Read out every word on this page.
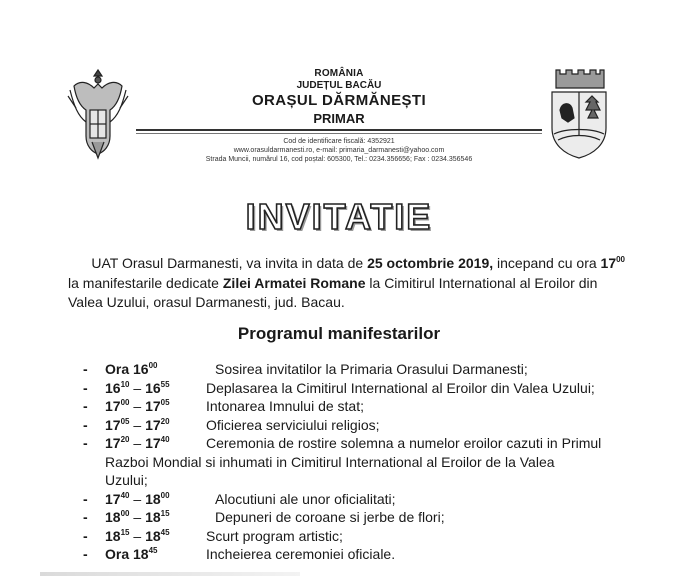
ROMÂNIA
JUDEȚUL BACĂU
ORAȘUL DĂRMĂNEȘTI
PRIMAR
Cod de identificare fiscală: 4352921
www.orasuldarmanesti.ro, e-mail: primaria_darmanesti@yahoo.com
Strada Muncii, numărul 16, cod poștal: 605300, Tel.: 0234.356656; Fax : 0234.356546
INVITATIE
UAT Orasul Darmanesti, va invita in data de 25 octombrie 2019, incepand cu ora $17^{00}$ la manifestarile dedicate Zilei Armatei Romane la Cimitirul International al Eroilor din Valea Uzului, orasul Darmanesti, jud. Bacau.
Programul manifestarilor
-	Ora $16^{00}$	Sosirea invitatilor la Primaria Orasului Darmanesti;
-	$16^{10} - 16^{55}$	Deplasarea la Cimitirul International al Eroilor din Valea Uzului;
-	$17^{00} - 17^{05}$	Intonarea Imnului de stat;
-	$17^{05} - 17^{20}$	Oficierea serviciului religios;
-	$17^{20} - 17^{40}$	Ceremonia de rostire solemna a numelor eroilor cazuti in Primul
Razboi Mondial si inhumati in Cimitirul International al Eroilor de la Valea
Uzului;
-	$17^{40} - 18^{00}$	Alocutiuni ale unor oficialitati;
-	$18^{00} - 18^{15}$	Depuneri de coroane si jerbe de flori;
-	$18^{15} - 18^{45}$	Scurt program artistic;
-	Ora $18^{45}$	Incheierea ceremoniei oficiale.
